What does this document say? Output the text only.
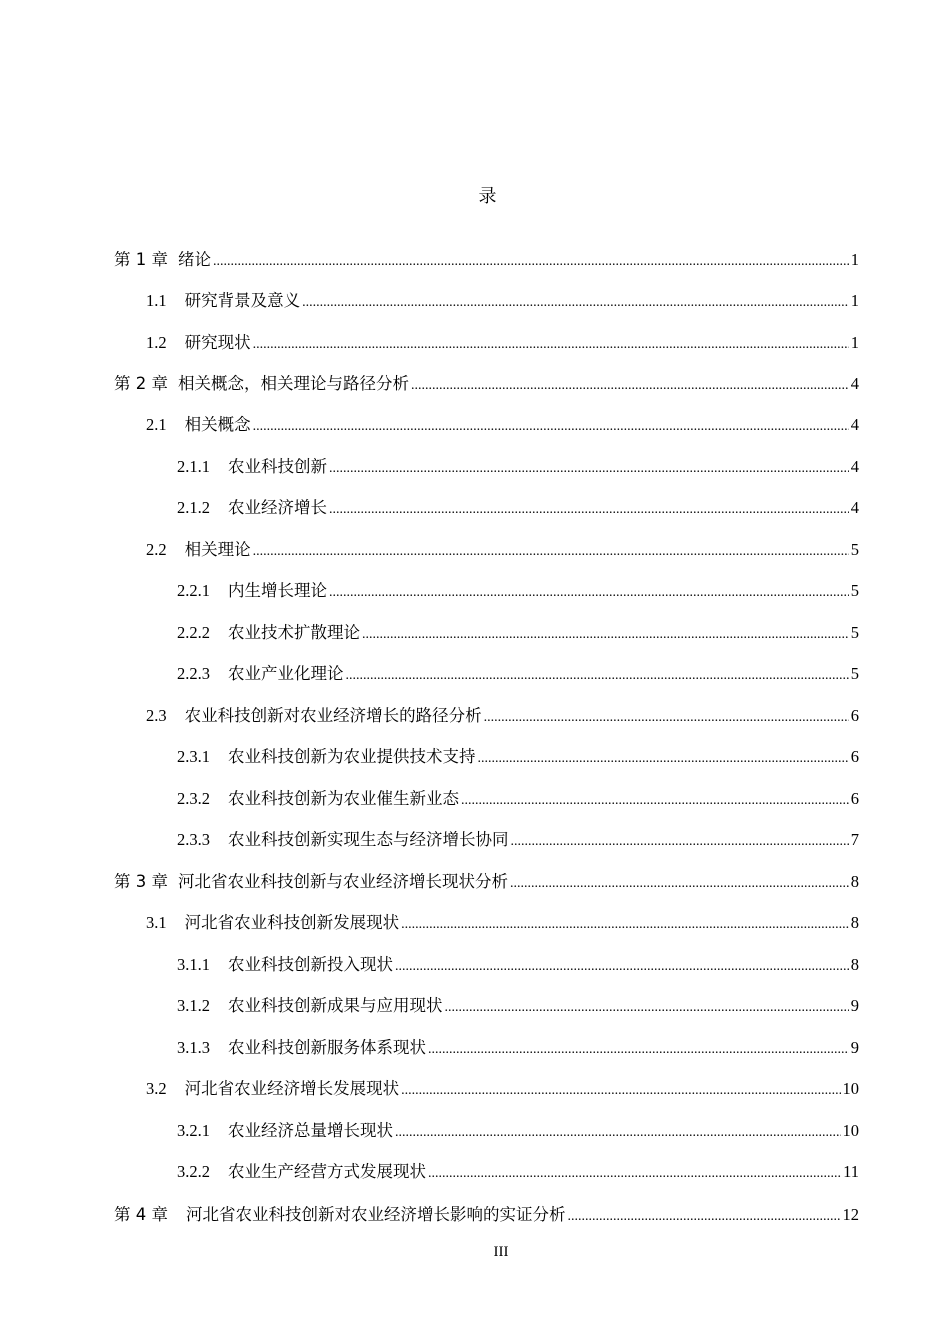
录
第 1 章 绪论 .....	1
1.1 研究背景及意义 .....	1
1.2 研究现状 .....	1
第 2 章 相关概念，相关理论与路径分析 .....	4
2.1 相关概念 .....	4
2.1.1 农业科技创新 .....	4
2.1.2 农业经济增长 .....	4
2.2 相关理论 .....	5
2.2.1 内生增长理论 .....	5
2.2.2 农业技术扩散理论 .....	5
2.2.3 农业产业化理论 .....	5
2.3 农业科技创新对农业经济增长的路径分析 .....	6
2.3.1 农业科技创新为农业提供技术支持 .....	6
2.3.2 农业科技创新为农业催生新业态 .....	6
2.3.3 农业科技创新实现生态与经济增长协同 .....	7
第 3 章 河北省农业科技创新与农业经济增长现状分析 .....	8
3.1 河北省农业科技创新发展现状 .....	8
3.1.1 农业科技创新投入现状 .....	8
3.1.2 农业科技创新成果与应用现状 .....	9
3.1.3 农业科技创新服务体系现状 .....	9
3.2 河北省农业经济增长发展现状 .....	10
3.2.1 农业经济总量增长现状 .....	10
3.2.2 农业生产经营方式发展现状 .....	11
第 4 章 河北省农业科技创新对农业经济增长影响的实证分析 .....	12
III
